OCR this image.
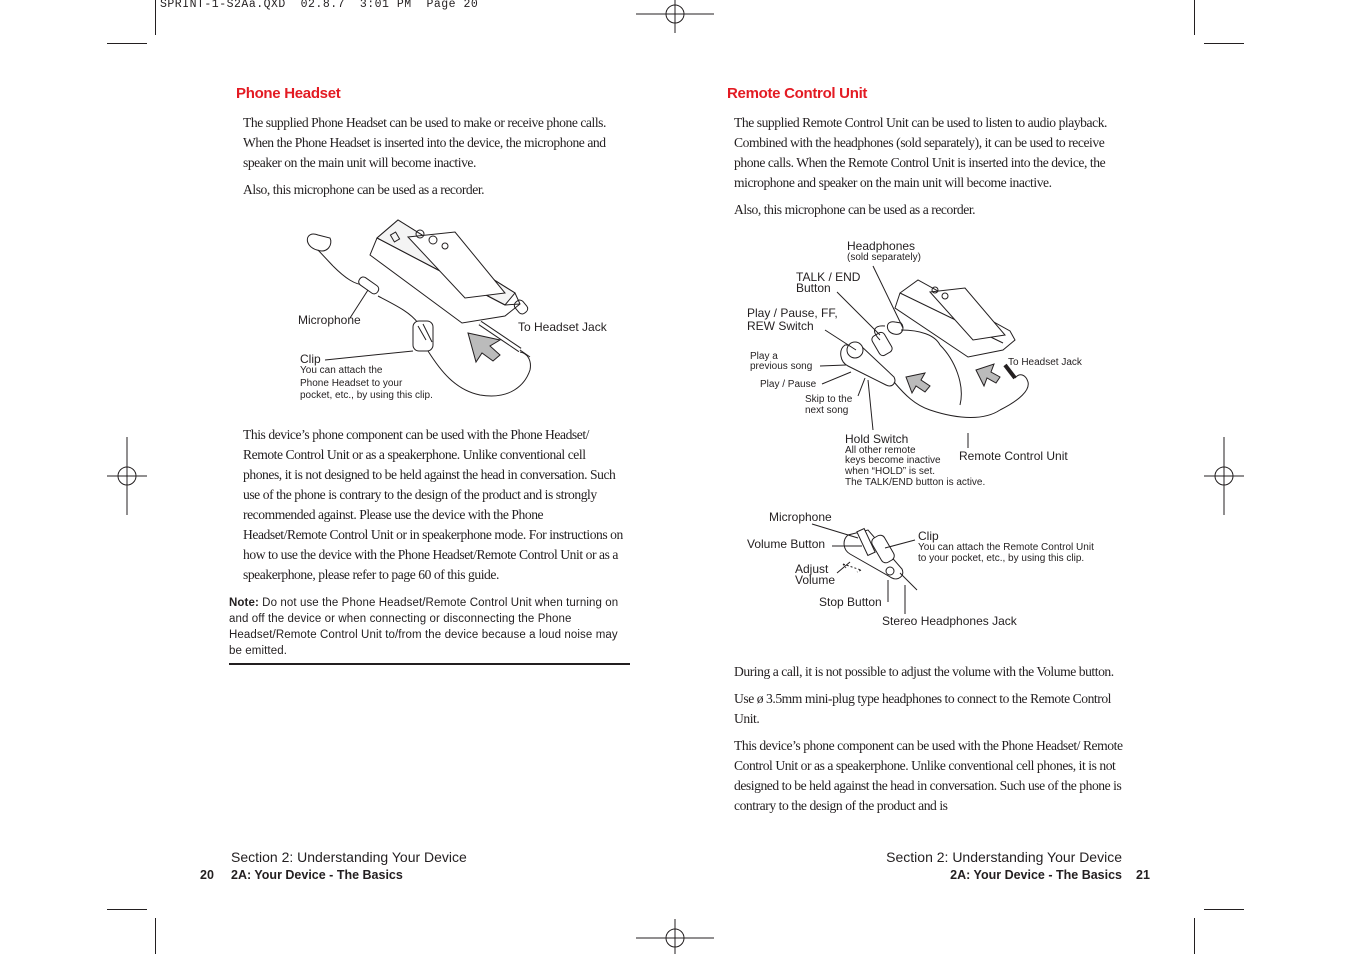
SPRINT-1-S2Aa.QXD  02.8.7  3:01 PM  Page 20
Phone Headset

The supplied Phone Headset can be used to make or receive phone calls. When the Phone Headset is inserted into the device, the microphone and speaker on the main unit will become inactive.

Also, this microphone can be used as a recorder.

Microphone	To Headset Jack
Clip
You can attach the
Phone Headset to your
pocket, etc., by using this clip.

This device’s phone component can be used with the Phone Headset/ Remote Control Unit or as a speakerphone. Unlike conventional cell phones, it is not designed to be held against the head in conversation. Such use of the phone is contrary to the design of the product and is strongly recommended against. Please use the device with the Phone Headset/Remote Control Unit or in speakerphone mode. For instructions on how to use the device with the Phone Headset/Remote Control Unit or as a speakerphone, please refer to page 60 of this guide.

Note: Do not use the Phone Headset/Remote Control Unit when turning on and off the device or when connecting or disconnecting the Phone Headset/Remote Control Unit to/from the device because a loud noise may be emitted.
Section 2: Understanding Your Device
20 2A: Your Device - The Basics
Remote Control Unit

The supplied Remote Control Unit can be used to listen to audio playback. Combined with the headphones (sold separately), it can be used to receive phone calls. When the Remote Control Unit is inserted into the device, the microphone and speaker on the main unit will become inactive.

Also, this microphone can be used as a recorder.

Headphones
(sold separately)
TALK / END
Button
Play / Pause, FF,
REW Switch
Play a
previous song
Play / Pause
Skip to the
next song
To Headset Jack
Hold Switch
All other remote
keys become inactive
when “HOLD” is set.
The TALK/END button is active.
Remote Control Unit
Microphone
Volume Button
Adjust
Volume
Stop Button
Stereo Headphones Jack
Clip
You can attach the Remote Control Unit
to your pocket, etc., by using this clip.

During a call, it is not possible to adjust the volume with the Volume button.

Use ø 3.5mm mini-plug type headphones to connect to the Remote Control Unit.

This device’s phone component can be used with the Phone Headset/ Remote Control Unit or as a speakerphone. Unlike conventional cell phones, it is not designed to be held against the head in conversation. Such use of the phone is contrary to the design of the product and is

Section 2: Understanding Your Device
2A: Your Device - The Basics 21
